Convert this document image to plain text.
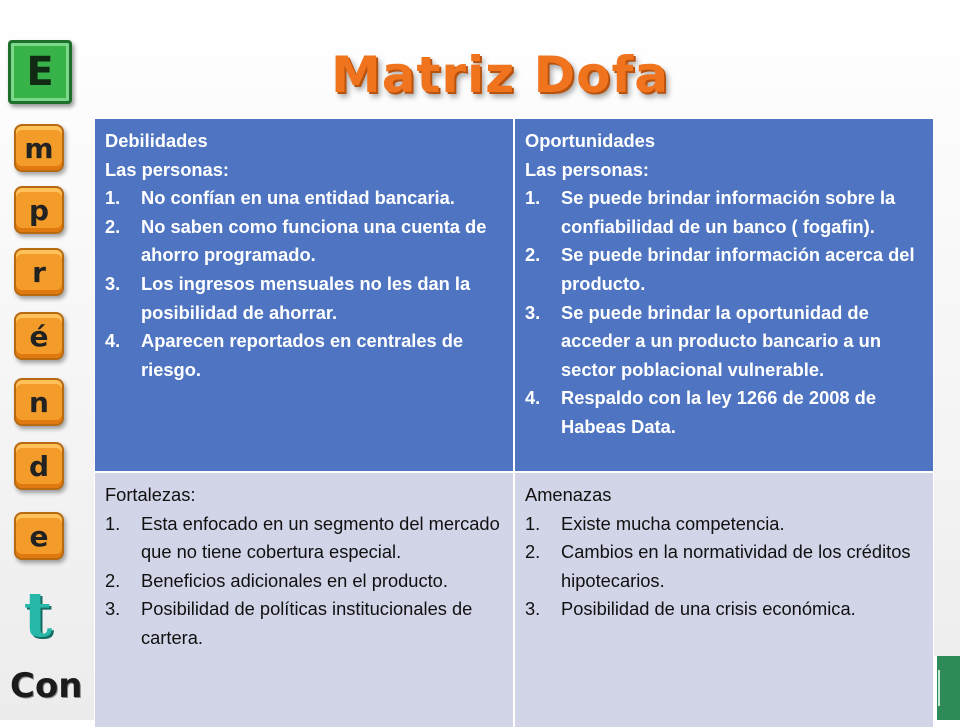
Matriz Dofa
E
m
p
r
é
n
d
e
t
Con
Debilidades
Las personas:
1.	No confían en una entidad bancaria.
2.	No saben como funciona una cuenta de ahorro programado.
3.	Los ingresos mensuales no les dan la posibilidad de ahorrar.
4.	Aparecen reportados en centrales de riesgo.
Oportunidades
Las personas:
1.	Se puede brindar información sobre la confiabilidad de un banco ( fogafin).
2.	Se puede brindar información acerca del producto.
3.	Se puede brindar la oportunidad de acceder a un producto bancario a un sector poblacional vulnerable.
4.	Respaldo con la ley 1266 de 2008 de Habeas Data.
Fortalezas:
1.	Esta enfocado en un segmento del mercado que no tiene cobertura especial.
2.	Beneficios adicionales en el producto.
3.	Posibilidad de políticas institucionales de cartera.
Amenazas
1.	Existe mucha competencia.
2.	Cambios en la normatividad de los créditos hipotecarios.
3.	Posibilidad de una crisis económica.
